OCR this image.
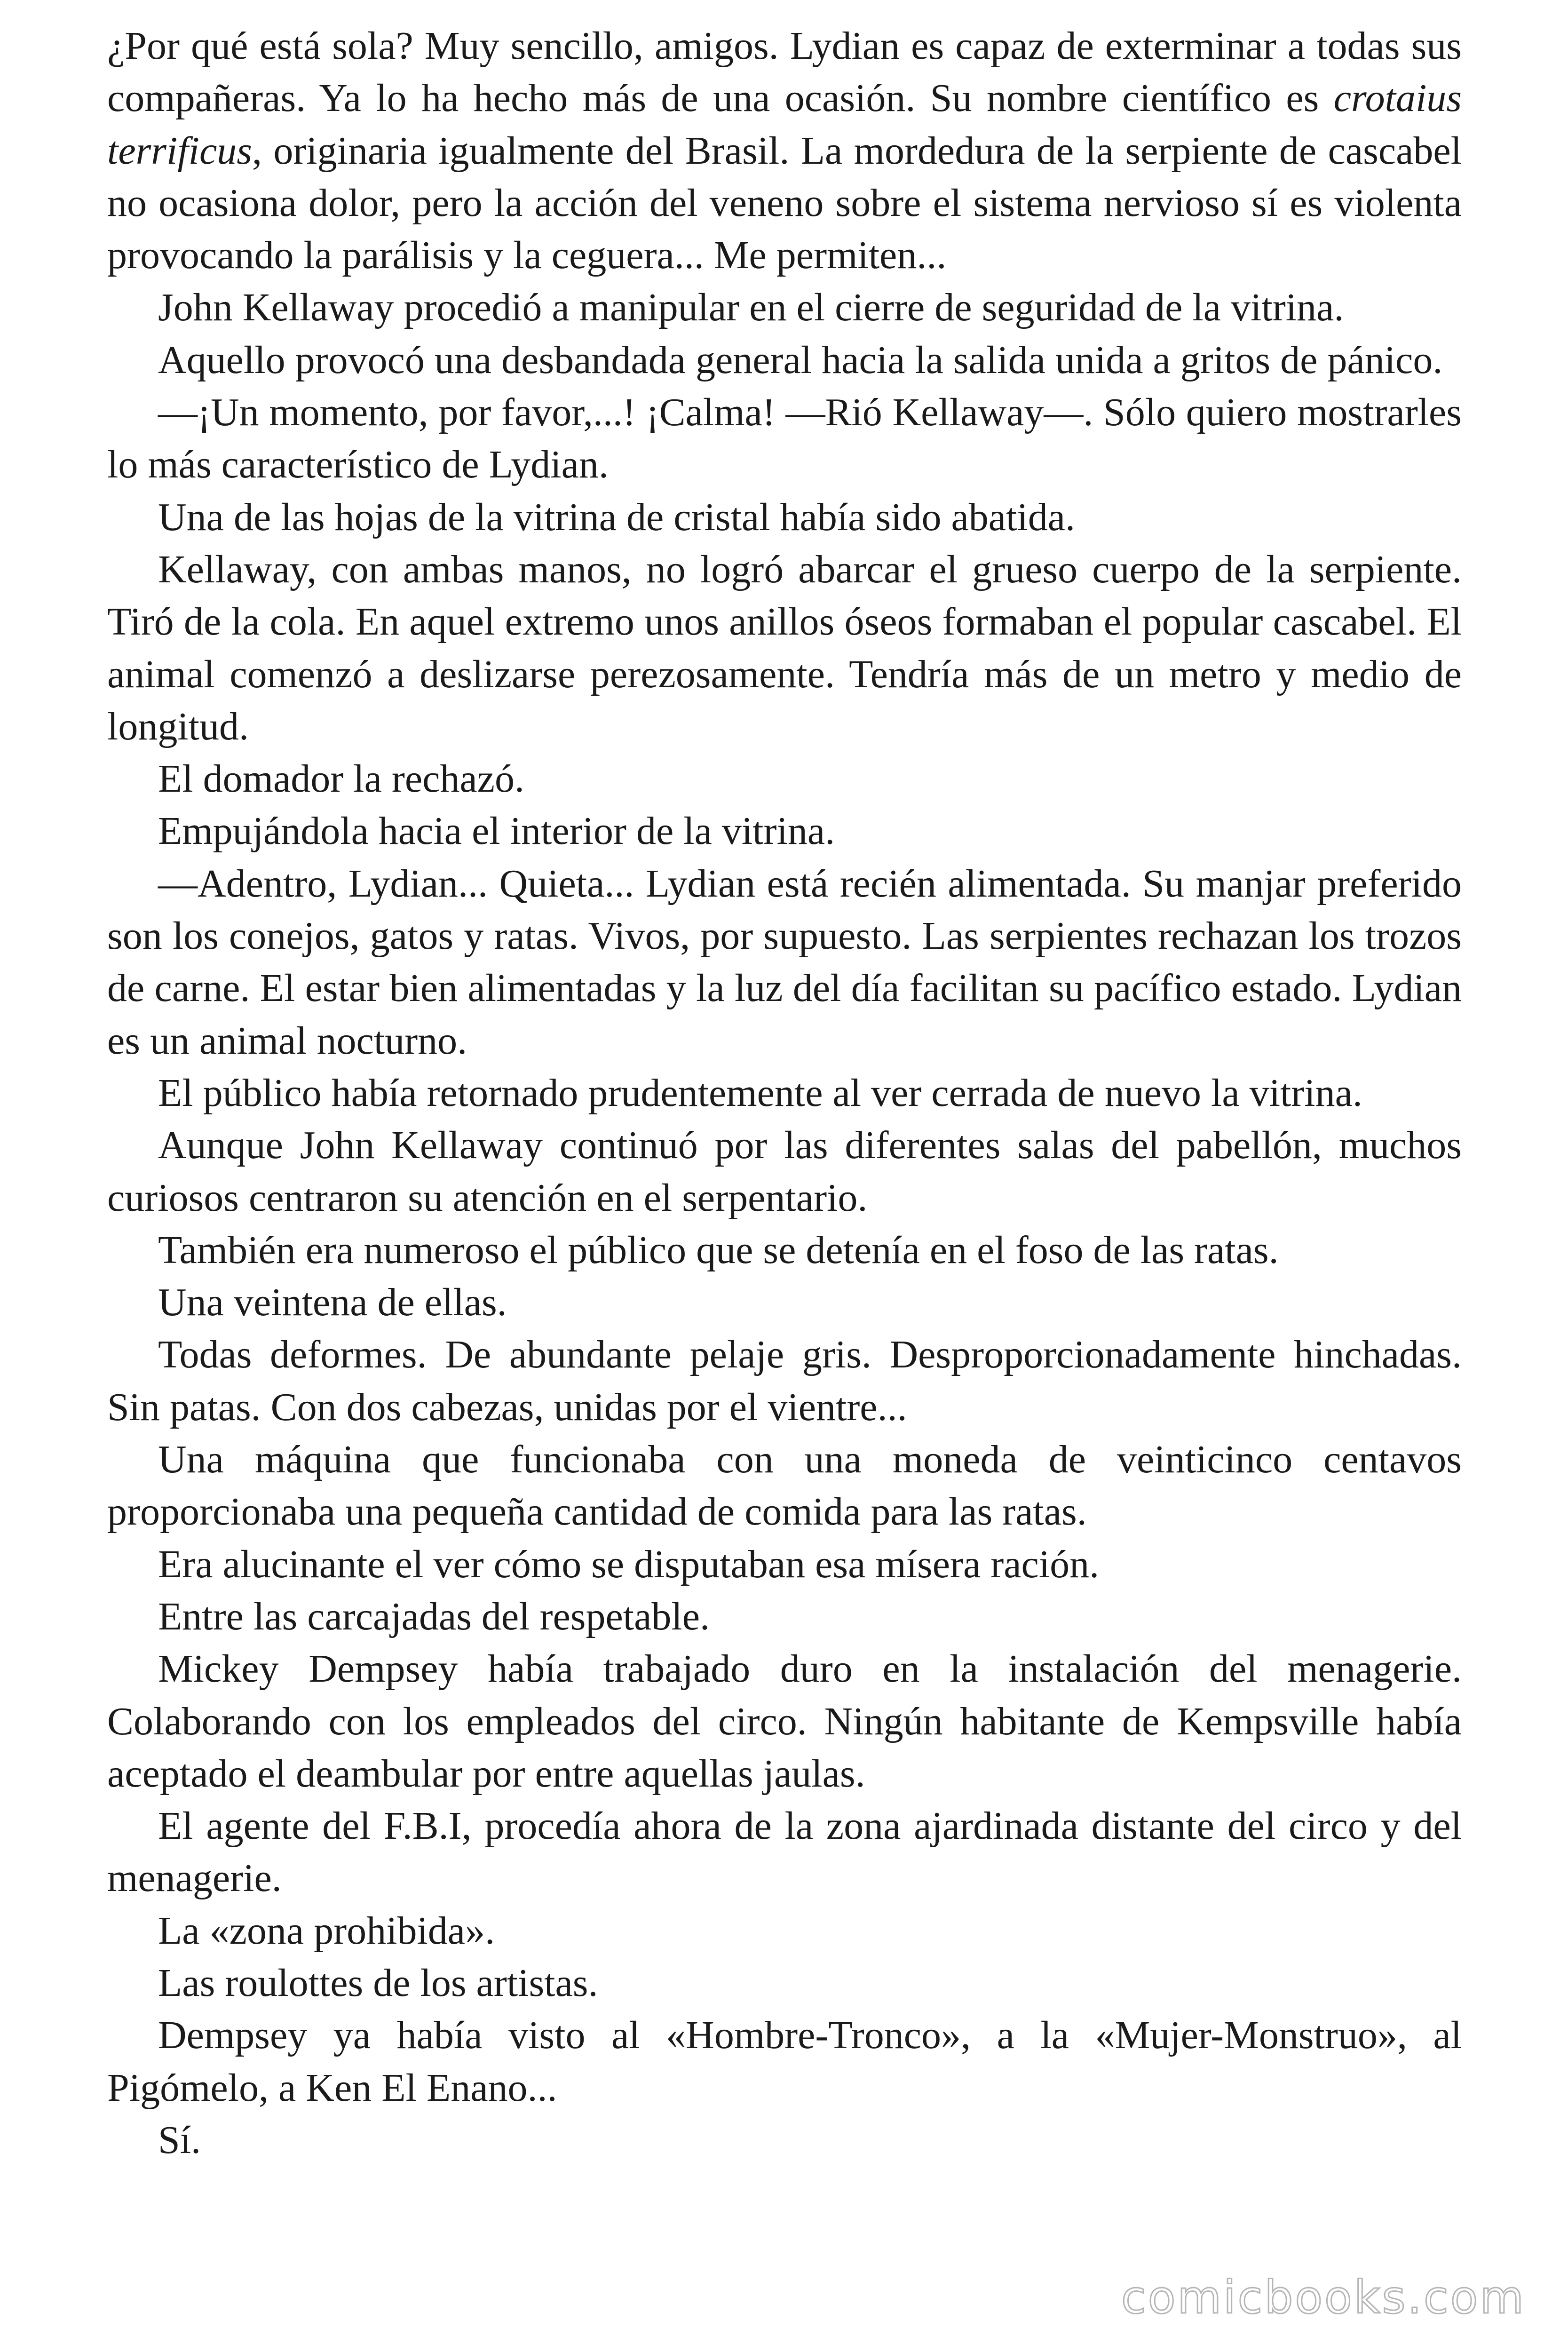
¿Por qué está sola? Muy sencillo, amigos. Lydian es capaz de exterminar a todas sus compañeras. Ya lo ha hecho más de una ocasión. Su nombre científico es crotaius terrificus, originaria igualmente del Brasil. La mordedura de la serpiente de cascabel no ocasiona dolor, pero la acción del veneno sobre el sistema nervioso sí es violenta provocando la parálisis y la ceguera... Me permiten...

John Kellaway procedió a manipular en el cierre de seguridad de la vitrina.

Aquello provocó una desbandada general hacia la salida unida a gritos de pánico.

—¡Un momento, por favor,...! ¡Calma! —Rió Kellaway—. Sólo quiero mostrarles lo más característico de Lydian.

Una de las hojas de la vitrina de cristal había sido abatida.

Kellaway, con ambas manos, no logró abarcar el grueso cuerpo de la serpiente. Tiró de la cola. En aquel extremo unos anillos óseos formaban el popular cascabel. El animal comenzó a deslizarse perezosamente. Tendría más de un metro y medio de longitud.

El domador la rechazó.

Empujándola hacia el interior de la vitrina.

—Adentro, Lydian... Quieta... Lydian está recién alimentada. Su manjar preferido son los conejos, gatos y ratas. Vivos, por supuesto. Las serpientes rechazan los trozos de carne. El estar bien alimentadas y la luz del día facilitan su pacífico estado. Lydian es un animal nocturno.

El público había retornado prudentemente al ver cerrada de nuevo la vitrina.

Aunque John Kellaway continuó por las diferentes salas del pabellón, muchos curiosos centraron su atención en el serpentario.

También era numeroso el público que se detenía en el foso de las ratas.

Una veintena de ellas.

Todas deformes. De abundante pelaje gris. Desproporcionadamente hinchadas. Sin patas. Con dos cabezas, unidas por el vientre...

Una máquina que funcionaba con una moneda de veinticinco centavos proporcionaba una pequeña cantidad de comida para las ratas.

Era alucinante el ver cómo se disputaban esa mísera ración.

Entre las carcajadas del respetable.

Mickey Dempsey había trabajado duro en la instalación del menagerie. Colaborando con los empleados del circo. Ningún habitante de Kempsville había aceptado el deambular por entre aquellas jaulas.

El agente del F.B.I, procedía ahora de la zona ajardinada distante del circo y del menagerie.

La «zona prohibida».

Las roulottes de los artistas.

Dempsey ya había visto al «Hombre-Tronco», a la «Mujer-Monstruo», al Pigómelo, a Ken El Enano...

Sí.

comicbooks.com
